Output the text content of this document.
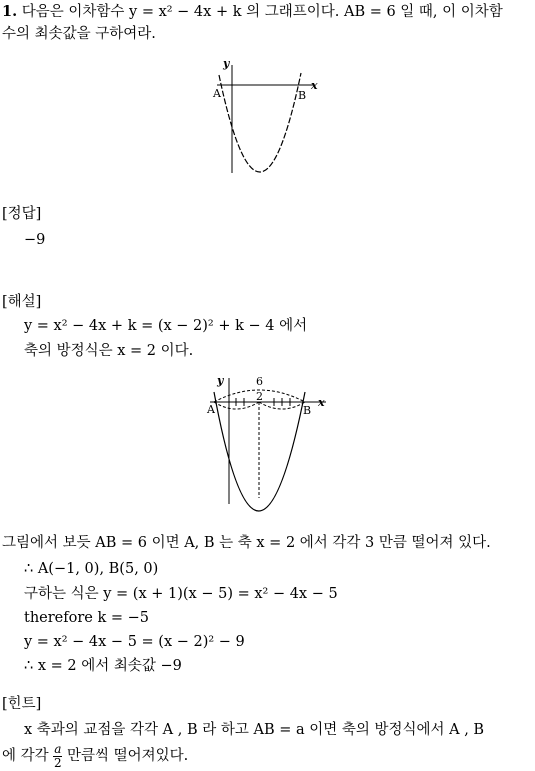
1. 다음은 이차함수 y = x² − 4x + k 의 그래프이다. AB = 6 일 때, 이 이차함
수의 최솟값을 구하여라.
y
x
A	B
[정답]
−9
[해설]
y = x² − 4x + k = (x − 2)² + k − 4 에서
축의 방정식은 x = 2 이다.
y
x
A	B
6
2
그림에서 보듯 AB = 6 이면 A, B 는 축 x = 2 에서 각각 3 만큼 떨어져 있다.
∴ A(−1, 0), B(5, 0)
구하는 식은 y = (x + 1)(x − 5) = x² − 4x − 5
therefore k = −5
y = x² − 4x − 5 = (x − 2)² − 9
∴ x = 2 에서 최솟값 −9
[힌트]
x 축과의 교점을 각각 A , B 라 하고 AB = a 이면 축의 방정식에서 A , B
에 각각 $\frac{a}{2}$ 만큼씩 떨어져있다.
